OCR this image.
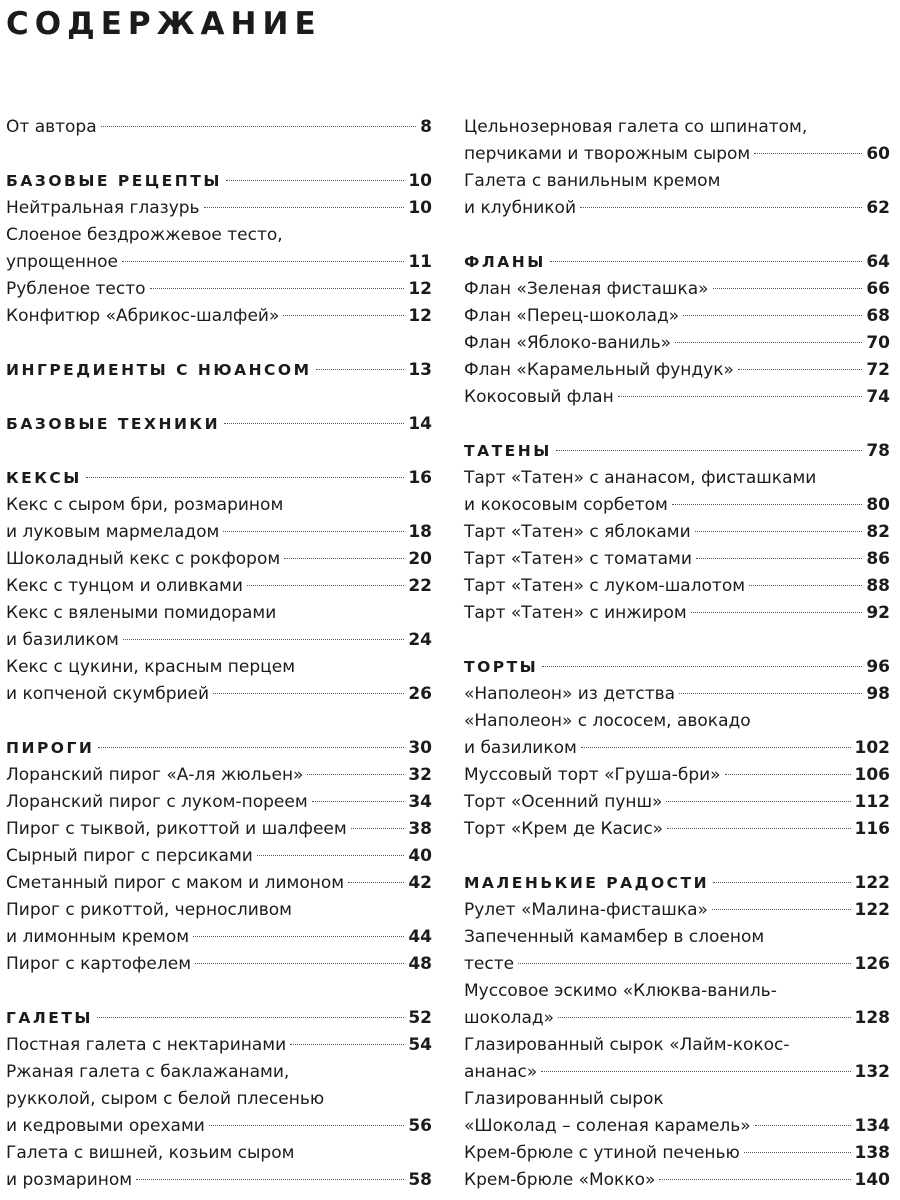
СОДЕРЖАНИЕ
От автора	8
БАЗОВЫЕ РЕЦЕПТЫ	10
Нейтральная глазурь	10
Слоеное бездрожжевое тесто,
упрощенное	11
Рубленое тесто	12
Конфитюр «Абрикос-шалфей»	12
ИНГРЕДИЕНТЫ С НЮАНСОМ	13
БАЗОВЫЕ ТЕХНИКИ	14
КЕКСЫ	16
Кекс с сыром бри, розмарином
и луковым мармеладом	18
Шоколадный кекс с рокфором	20
Кекс с тунцом и оливками	22
Кекс с вялеными помидорами
и базиликом	24
Кекс с цукини, красным перцем
и копченой скумбрией	26
ПИРОГИ	30
Лоранский пирог «А-ля жюльен»	32
Лоранский пирог с луком-пореем	34
Пирог с тыквой, рикоттой и шалфеем	38
Сырный пирог с персиками	40
Сметанный пирог с маком и лимоном	42
Пирог с рикоттой, черносливом
и лимонным кремом	44
Пирог с картофелем	48
ГАЛЕТЫ	52
Постная галета с нектаринами	54
Ржаная галета с баклажанами,
рукколой, сыром с белой плесенью
и кедровыми орехами	56
Галета с вишней, козьим сыром
и розмарином	58
Цельнозерновая галета со шпинатом,
перчиками и творожным сыром	60
Галета с ванильным кремом
и клубникой	62
ФЛАНЫ	64
Флан «Зеленая фисташка»	66
Флан «Перец-шоколад»	68
Флан «Яблоко-ваниль»	70
Флан «Карамельный фундук»	72
Кокосовый флан	74
ТАТЕНЫ	78
Тарт «Татен» с ананасом, фисташками
и кокосовым сорбетом	80
Тарт «Татен» с яблоками	82
Тарт «Татен» с томатами	86
Тарт «Татен» с луком-шалотом	88
Тарт «Татен» с инжиром	92
ТОРТЫ	96
«Наполеон» из детства	98
«Наполеон» с лососем, авокадо
и базиликом	102
Муссовый торт «Груша-бри»	106
Торт «Осенний пунш»	112
Торт «Крем де Касис»	116
МАЛЕНЬКИЕ РАДОСТИ	122
Рулет «Малина-фисташка»	122
Запеченный камамбер в слоеном
тесте	126
Муссовое эскимо «Клюква-ваниль-
шоколад»	128
Глазированный сырок «Лайм-кокос-
ананас»	132
Глазированный сырок
«Шоколад – соленая карамель»	134
Крем-брюле с утиной печенью	138
Крем-брюле «Мокко»	140
